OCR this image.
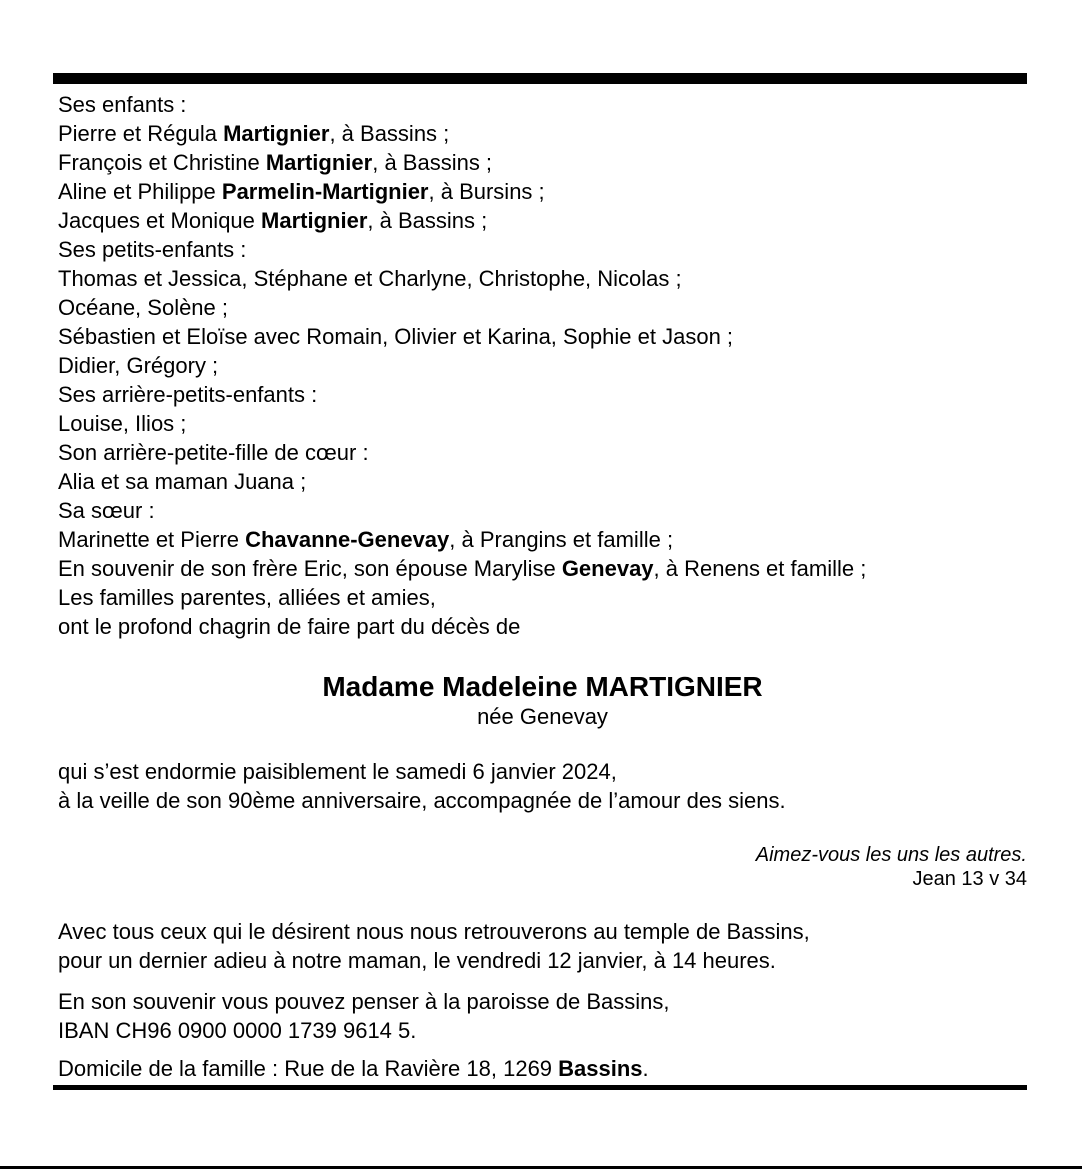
Ses enfants :
Pierre et Régula Martignier, à Bassins ;
François et Christine Martignier, à Bassins ;
Aline et Philippe Parmelin-Martignier, à Bursins ;
Jacques et Monique Martignier, à Bassins ;
Ses petits-enfants :
Thomas et Jessica, Stéphane et Charlyne, Christophe, Nicolas ;
Océane, Solène ;
Sébastien et Eloïse avec Romain, Olivier et Karina, Sophie et Jason ;
Didier, Grégory ;
Ses arrière-petits-enfants :
Louise, Ilios ;
Son arrière-petite-fille de cœur :
Alia et sa maman Juana ;
Sa sœur :
Marinette et Pierre Chavanne-Genevay, à Prangins et famille ;
En souvenir de son frère Eric, son épouse Marylise Genevay, à Renens et famille ;
Les familles parentes, alliées et amies,
ont le profond chagrin de faire part du décès de
Madame Madeleine MARTIGNIER
née Genevay
qui s’est endormie paisiblement le samedi 6 janvier 2024,
à la veille de son 90ème anniversaire, accompagnée de l’amour des siens.
Aimez-vous les uns les autres.
Jean 13 v 34
Avec tous ceux qui le désirent nous nous retrouverons au temple de Bassins,
pour un dernier adieu à notre maman, le vendredi 12 janvier, à 14 heures.
En son souvenir vous pouvez penser à la paroisse de Bassins,
IBAN CH96 0900 0000 1739 9614 5.
Domicile de la famille : Rue de la Ravière 18, 1269 Bassins.
